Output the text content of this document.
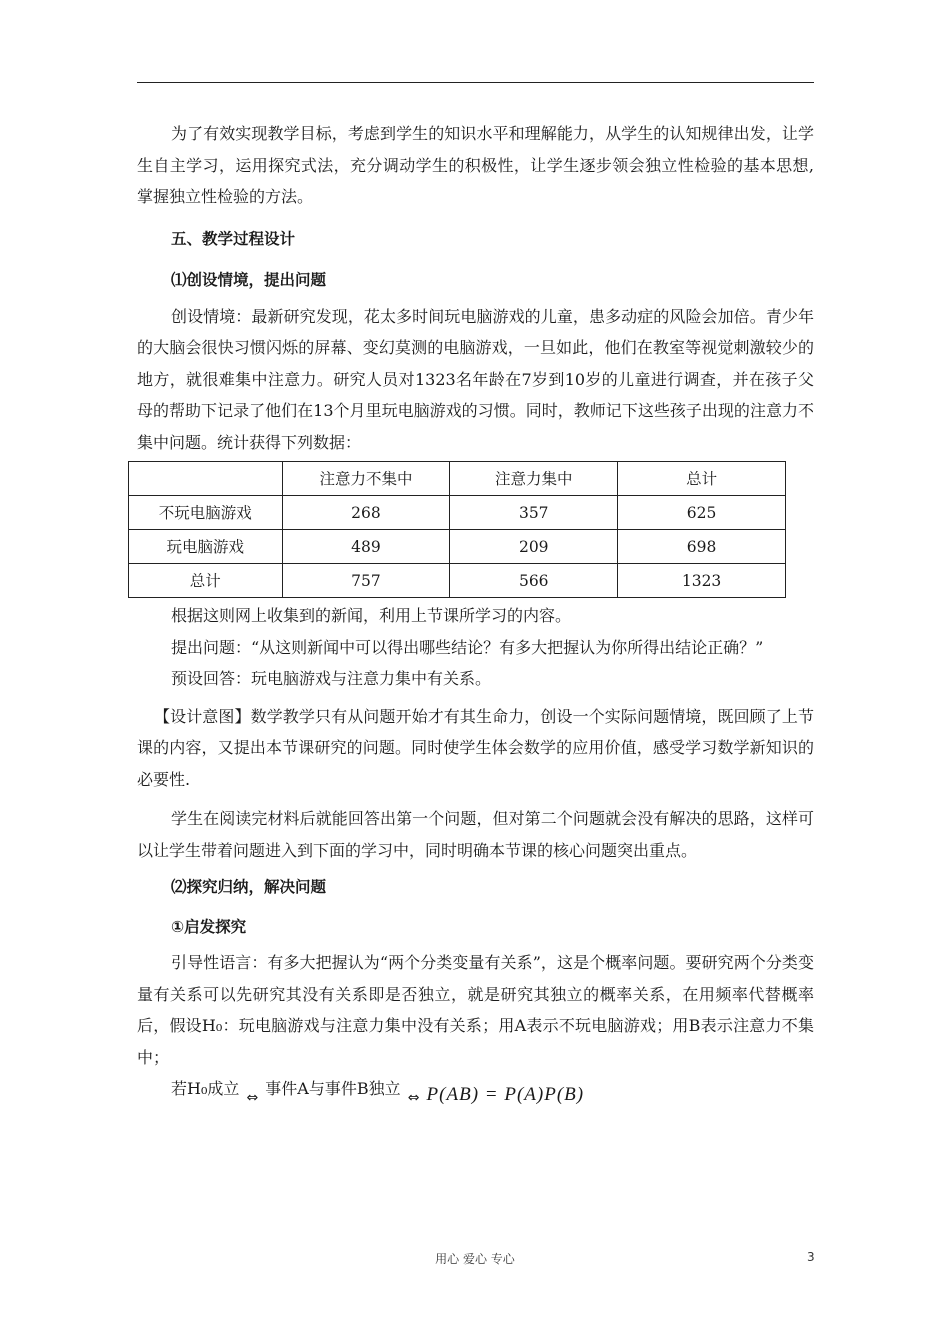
为了有效实现教学目标，考虑到学生的知识水平和理解能力，从学生的认知规律出发，让学生自主学习，运用探究式法，充分调动学生的积极性，让学生逐步领会独立性检验的基本思想,掌握独立性检验的方法。

五、教学过程设计
⑴创设情境，提出问题

创设情境：最新研究发现，花太多时间玩电脑游戏的儿童，患多动症的风险会加倍。青少年的大脑会很快习惯闪烁的屏幕、变幻莫测的电脑游戏，一旦如此，他们在教室等视觉刺激较少的地方，就很难集中注意力。研究人员对1323名年龄在7岁到10岁的儿童进行调查，并在孩子父母的帮助下记录了他们在13个月里玩电脑游戏的习惯。同时，教师记下这些孩子出现的注意力不集中问题。统计获得下列数据：

	注意力不集中	注意力集中	总计
不玩电脑游戏	268	357	625
玩电脑游戏	489	209	698
总计	757	566	1323

根据这则网上收集到的新闻，利用上节课所学习的内容。

提出问题：“从这则新闻中可以得出哪些结论？有多大把握认为你所得出结论正确？”

预设回答：玩电脑游戏与注意力集中有关系。

【设计意图】数学教学只有从问题开始才有其生命力，创设一个实际问题情境，既回顾了上节课的内容，又提出本节课研究的问题。同时使学生体会数学的应用价值，感受学习数学新知识的必要性.

学生在阅读完材料后就能回答出第一个问题，但对第二个问题就会没有解决的思路，这样可以让学生带着问题进入到下面的学习中，同时明确本节课的核心问题突出重点。

⑵探究归纳，解决问题
①启发探究

引导性语言：有多大把握认为“两个分类变量有关系”，这是个概率问题。要研究两个分类变量有关系可以先研究其没有关系即是否独立，就是研究其独立的概率关系，在用频率代替概率后，假设H₀：玩电脑游戏与注意力集中没有关系；用A表示不玩电脑游戏；用B表示注意力不集中；

若H₀成立 ⇔ 事件A与事件B独立 ⇔ P(AB) = P(A)P(B)
用心 爱心 专心	3
